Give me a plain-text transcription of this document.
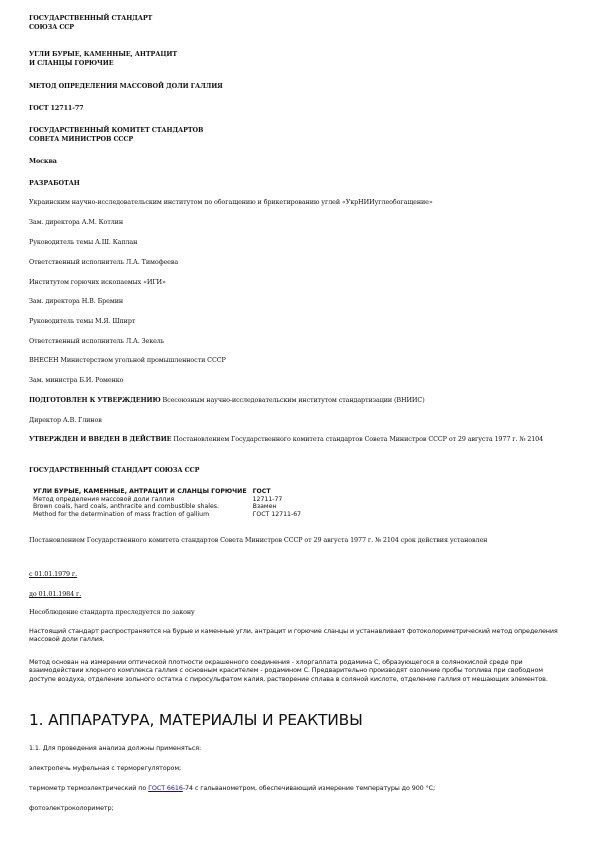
ГОСУДАРСТВЕННЫЙ СТАНДАРТ
СОЮЗА ССР
УГЛИ БУРЫЕ, КАМЕННЫЕ, АНТРАЦИТ
И СЛАНЦЫ ГОРЮЧИЕ
МЕТОД ОПРЕДЕЛЕНИЯ МАССОВОЙ ДОЛИ ГАЛЛИЯ
ГОСТ 12711-77
ГОСУДАРСТВЕННЫЙ КОМИТЕТ СТАНДАРТОВ
СОВЕТА МИНИСТРОВ СССР
Москва
РАЗРАБОТАН
Украинским научно-исследовательским институтом по обогащению и брикетированию углей «УкрНИИуглеобогащение»
Зам. директора А.М. Котлин
Руководитель темы А.Ш. Каплан
Ответственный исполнитель Л.А. Тимофеева
Институтом горючих ископаемых «ИГИ»
Зам. директора Н.В. Бремин
Руководитель темы М.Я. Шпирт
Ответственный исполнитель Л.А. Зекель
ВНЕСЕН Министерством угольной промышленности СССР
Зам. министра Б.И. Роменко
ПОДГОТОВЛЕН К УТВЕРЖДЕНИЮ Всесоюзным научно-исследовательским институтом стандартизации (ВНИИС)
Директор А.В. Глинов
УТВЕРЖДЕН И ВВЕДЕН В ДЕЙСТВИЕ Постановлением Государственного комитета стандартов Совета Министров СССР от 29 августа 1977 г. № 2104
ГОСУДАРСТВЕННЫЙ СТАНДАРТ СОЮЗА ССР
УГЛИ БУРЫЕ, КАМЕННЫЕ, АНТРАЦИТ И СЛАНЦЫ ГОРЮЧИЕ	ГОСТ
Метод определения массовой доли галлия	12711-77
Brown coals, hard coals, anthracite and combustible shales.	Взамен
Method for the determination of mass fraction of gallium	ГОСТ 12711-67
Постановлением Государственного комитета стандартов Совета Министров СССР от 29 августа 1977 г. № 2104 срок действия установлен
с 01.01.1979 г.
до 01.01.1984 г.
Несоблюдение стандарта преследуется по закону
Настоящий стандарт распространяется на бурые и каменные угли, антрацит и горючие сланцы и устанавливает фотоколориметрический метод определения массовой доли галлия.
Метод основан на измерении оптической плотности окрашенного соединения - хлоргаллата родамина С, образующегося в солянокислой среде при взаимодействии хлорного комплекса галлия с основным красителем - родамином С. Предварительно производят озоление пробы топлива при свободном доступе воздуха, отделение зольного остатка с пиросульфатом калия, растворение сплава в соляной кислоте, отделение галлия от мешающих элементов.
1. АППАРАТУРА, МАТЕРИАЛЫ И РЕАКТИВЫ
1.1. Для проведения анализа должны применяться:
электропечь муфельная с терморегулятором;
термометр термоэлектрический по ГОСТ 6616-74 с гальванометром, обеспечивающий измерение температуры до 900 °С;
фотоэлектроколориметр;
